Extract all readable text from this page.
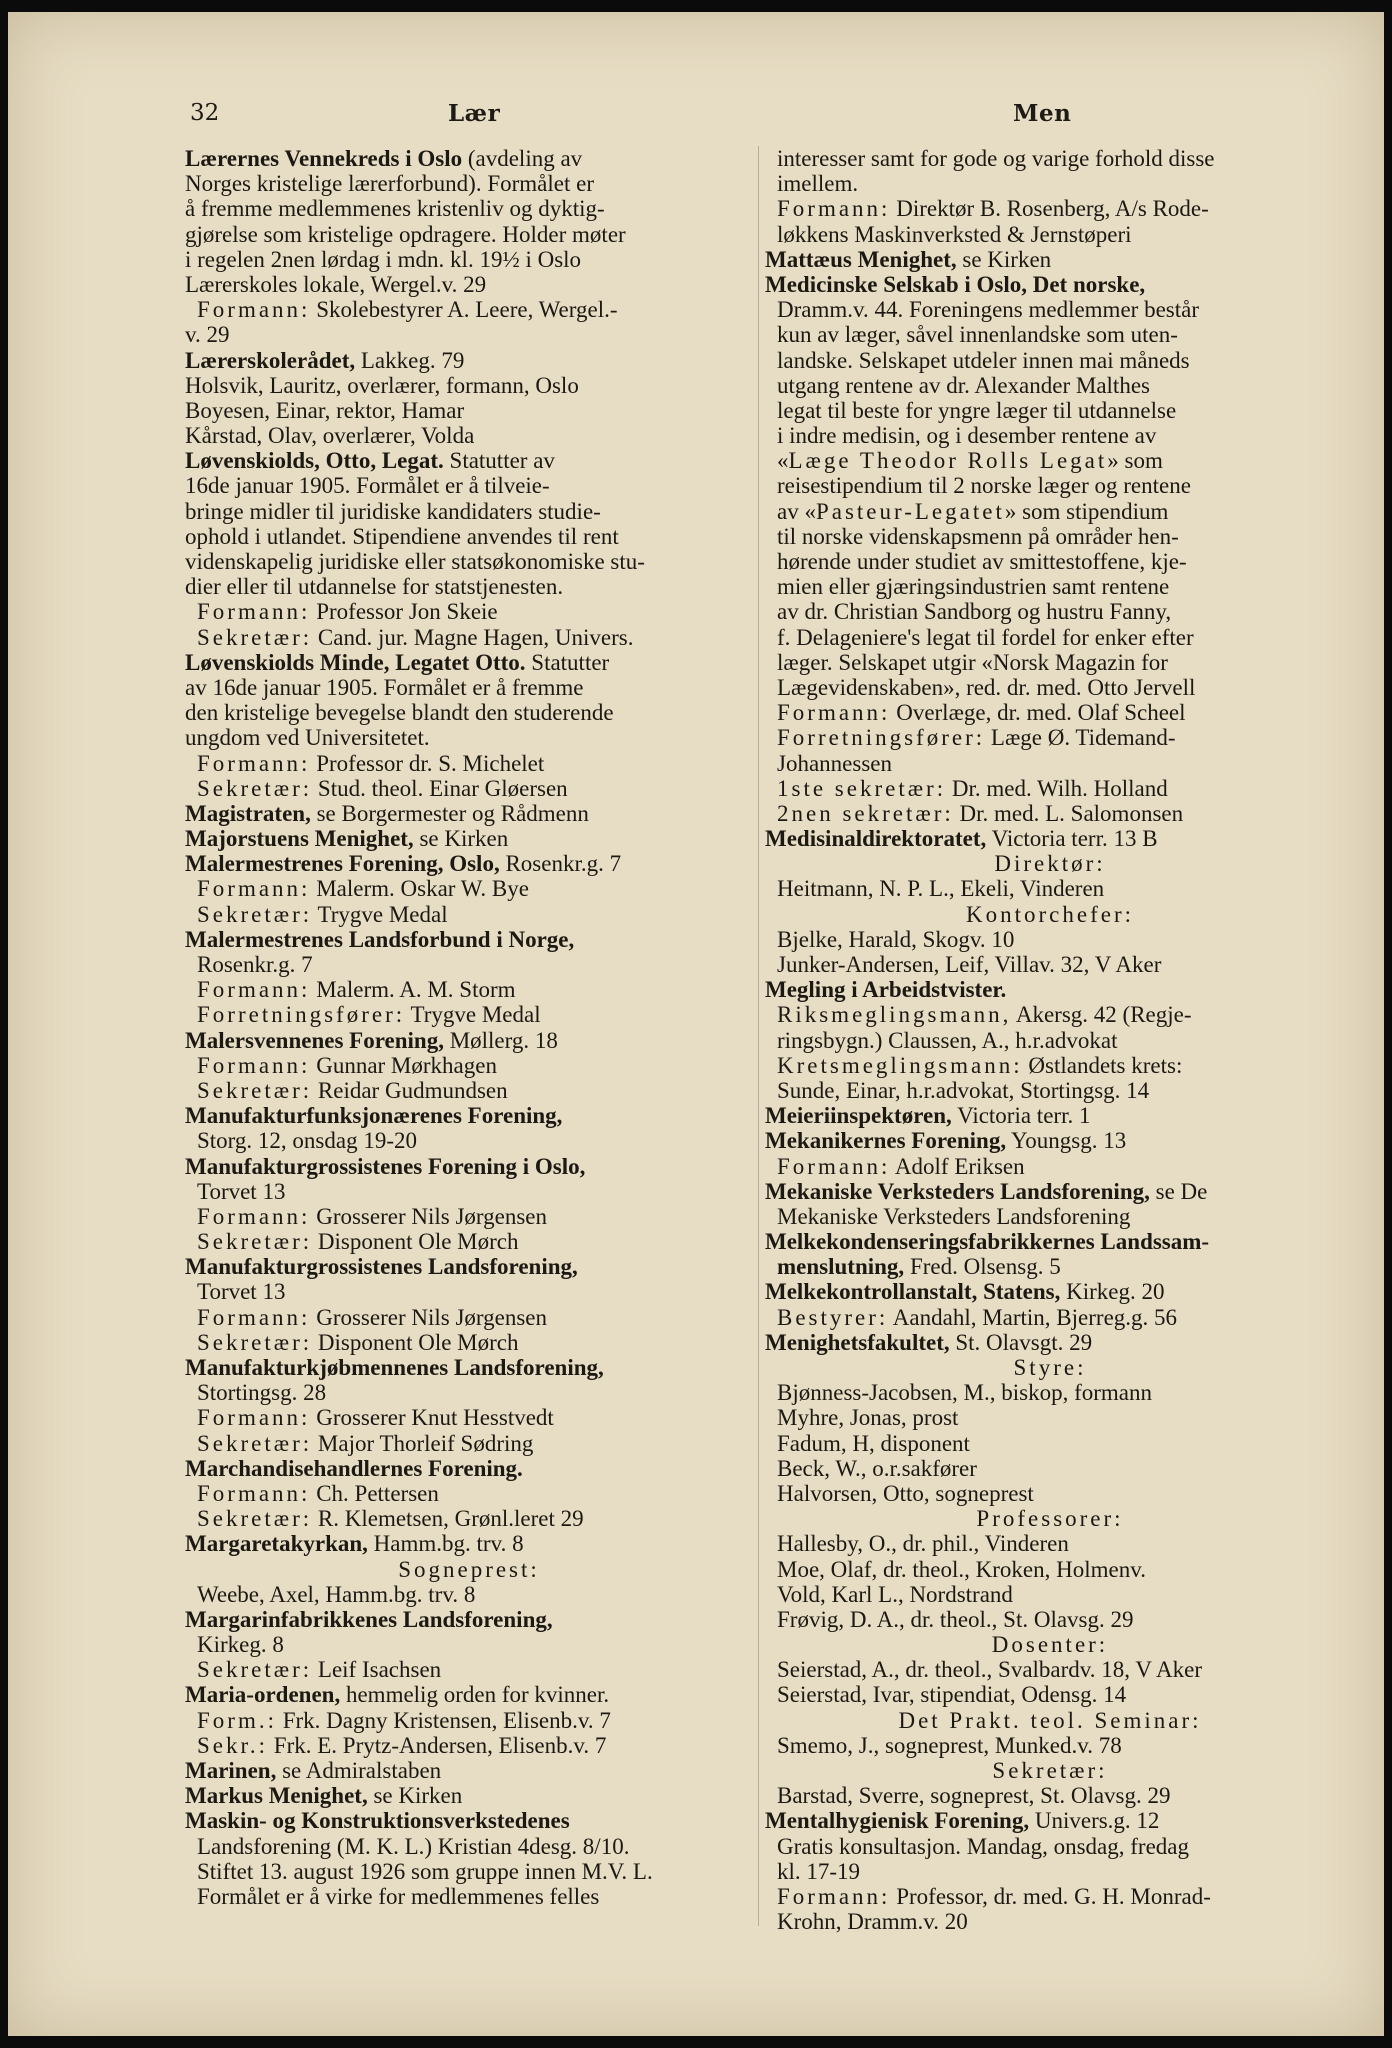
32	Lær	Men
Lærernes Vennekreds i Oslo (avdeling av
Norges kristelige lærerforbund). Formålet er
å fremme medlemmenes kristenliv og dyktig-
gjørelse som kristelige opdragere. Holder møter
i regelen 2nen lørdag i mdn. kl. 19½ i Oslo
Lærerskoles lokale, Wergel.v. 29
Formann: Skolebestyrer A. Leere, Wergel.-
v. 29
Lærerskolerådet, Lakkeg. 79
Holsvik, Lauritz, overlærer, formann, Oslo
Boyesen, Einar, rektor, Hamar
Kårstad, Olav, overlærer, Volda
Løvenskiolds, Otto, Legat. Statutter av
16de januar 1905. Formålet er å tilveie-
bringe midler til juridiske kandidaters studie-
ophold i utlandet. Stipendiene anvendes til rent
videnskapelig juridiske eller statsøkonomiske stu-
dier eller til utdannelse for statstjenesten.
Formann: Professor Jon Skeie
Sekretær: Cand. jur. Magne Hagen, Univers.
Løvenskiolds Minde, Legatet Otto. Statutter
av 16de januar 1905. Formålet er å fremme
den kristelige bevegelse blandt den studerende
ungdom ved Universitetet.
Formann: Professor dr. S. Michelet
Sekretær: Stud. theol. Einar Gløersen
Magistraten, se Borgermester og Rådmenn
Majorstuens Menighet, se Kirken
Malermestrenes Forening, Oslo, Rosenkr.g. 7
Formann: Malerm. Oskar W. Bye
Sekretær: Trygve Medal
Malermestrenes Landsforbund i Norge,
Rosenkr.g. 7
Formann: Malerm. A. M. Storm
Forretningsfører: Trygve Medal
Malersvennenes Forening, Møllerg. 18
Formann: Gunnar Mørkhagen
Sekretær: Reidar Gudmundsen
Manufakturfunksjonærenes Forening,
Storg. 12, onsdag 19-20
Manufakturgrossistenes Forening i Oslo,
Torvet 13
Formann: Grosserer Nils Jørgensen
Sekretær: Disponent Ole Mørch
Manufakturgrossistenes Landsforening,
Torvet 13
Formann: Grosserer Nils Jørgensen
Sekretær: Disponent Ole Mørch
Manufakturkjøbmennenes Landsforening,
Stortingsg. 28
Formann: Grosserer Knut Hesstvedt
Sekretær: Major Thorleif Sødring
Marchandisehandlernes Forening.
Formann: Ch. Pettersen
Sekretær: R. Klemetsen, Grønl.leret 29
Margaretakyrkan, Hamm.bg. trv. 8
Sogneprest:
Weebe, Axel, Hamm.bg. trv. 8
Margarinfabrikkenes Landsforening,
Kirkeg. 8
Sekretær: Leif Isachsen
Maria-ordenen, hemmelig orden for kvinner.
Form.: Frk. Dagny Kristensen, Elisenb.v. 7
Sekr.: Frk. E. Prytz-Andersen, Elisenb.v. 7
Marinen, se Admiralstaben
Markus Menighet, se Kirken
Maskin- og Konstruktionsverkstedenes
Landsforening (M. K. L.) Kristian 4desg. 8/10.
Stiftet 13. august 1926 som gruppe innen M.V. L.
Formålet er å virke for medlemmenes felles
interesser samt for gode og varige forhold disse
imellem.
Formann: Direktør B. Rosenberg, A/s Rode-
løkkens Maskinverksted & Jernstøperi
Mattæus Menighet, se Kirken
Medicinske Selskab i Oslo, Det norske,
Dramm.v. 44. Foreningens medlemmer består
kun av læger, såvel innenlandske som uten-
landske. Selskapet utdeler innen mai måneds
utgang rentene av dr. Alexander Malthes
legat til beste for yngre læger til utdannelse
i indre medisin, og i desember rentene av
«Læge Theodor Rolls Legat» som
reisestipendium til 2 norske læger og rentene
av «Pasteur-Legatet» som stipendium
til norske videnskapsmenn på områder hen-
hørende under studiet av smittestoffene, kje-
mien eller gjæringsindustrien samt rentene
av dr. Christian Sandborg og hustru Fanny,
f. Delageniere's legat til fordel for enker efter
læger. Selskapet utgir «Norsk Magazin for
Lægevidenskaben», red. dr. med. Otto Jervell
Formann: Overlæge, dr. med. Olaf Scheel
Forretningsfører: Læge Ø. Tidemand-
Johannessen
1ste sekretær: Dr. med. Wilh. Holland
2nen sekretær: Dr. med. L. Salomonsen
Medisinaldirektoratet, Victoria terr. 13 B
Direktør:
Heitmann, N. P. L., Ekeli, Vinderen
Kontorchefer:
Bjelke, Harald, Skogv. 10
Junker-Andersen, Leif, Villav. 32, V Aker
Megling i Arbeidstvister.
Riksmeglingsmann, Akersg. 42 (Regje-
ringsbygn.) Claussen, A., h.r.advokat
Kretsmeglingsmann: Østlandets krets:
Sunde, Einar, h.r.advokat, Stortingsg. 14
Meieriinspektøren, Victoria terr. 1
Mekanikernes Forening, Youngsg. 13
Formann: Adolf Eriksen
Mekaniske Verksteders Landsforening, se De
Mekaniske Verksteders Landsforening
Melkekondenseringsfabrikkernes Landssam-
menslutning, Fred. Olsensg. 5
Melkekontrollanstalt, Statens, Kirkeg. 20
Bestyrer: Aandahl, Martin, Bjerreg.g. 56
Menighetsfakultet, St. Olavsgt. 29
Styre:
Bjønness-Jacobsen, M., biskop, formann
Myhre, Jonas, prost
Fadum, H, disponent
Beck, W., o.r.sakfører
Halvorsen, Otto, sogneprest
Professorer:
Hallesby, O., dr. phil., Vinderen
Moe, Olaf, dr. theol., Kroken, Holmenv.
Vold, Karl L., Nordstrand
Frøvig, D. A., dr. theol., St. Olavsg. 29
Dosenter:
Seierstad, A., dr. theol., Svalbardv. 18, V Aker
Seierstad, Ivar, stipendiat, Odensg. 14
Det Prakt. teol. Seminar:
Smemo, J., sogneprest, Munked.v. 78
Sekretær:
Barstad, Sverre, sogneprest, St. Olavsg. 29
Mentalhygienisk Forening, Univers.g. 12
Gratis konsultasjon. Mandag, onsdag, fredag
kl. 17-19
Formann: Professor, dr. med. G. H. Monrad-
Krohn, Dramm.v. 20
